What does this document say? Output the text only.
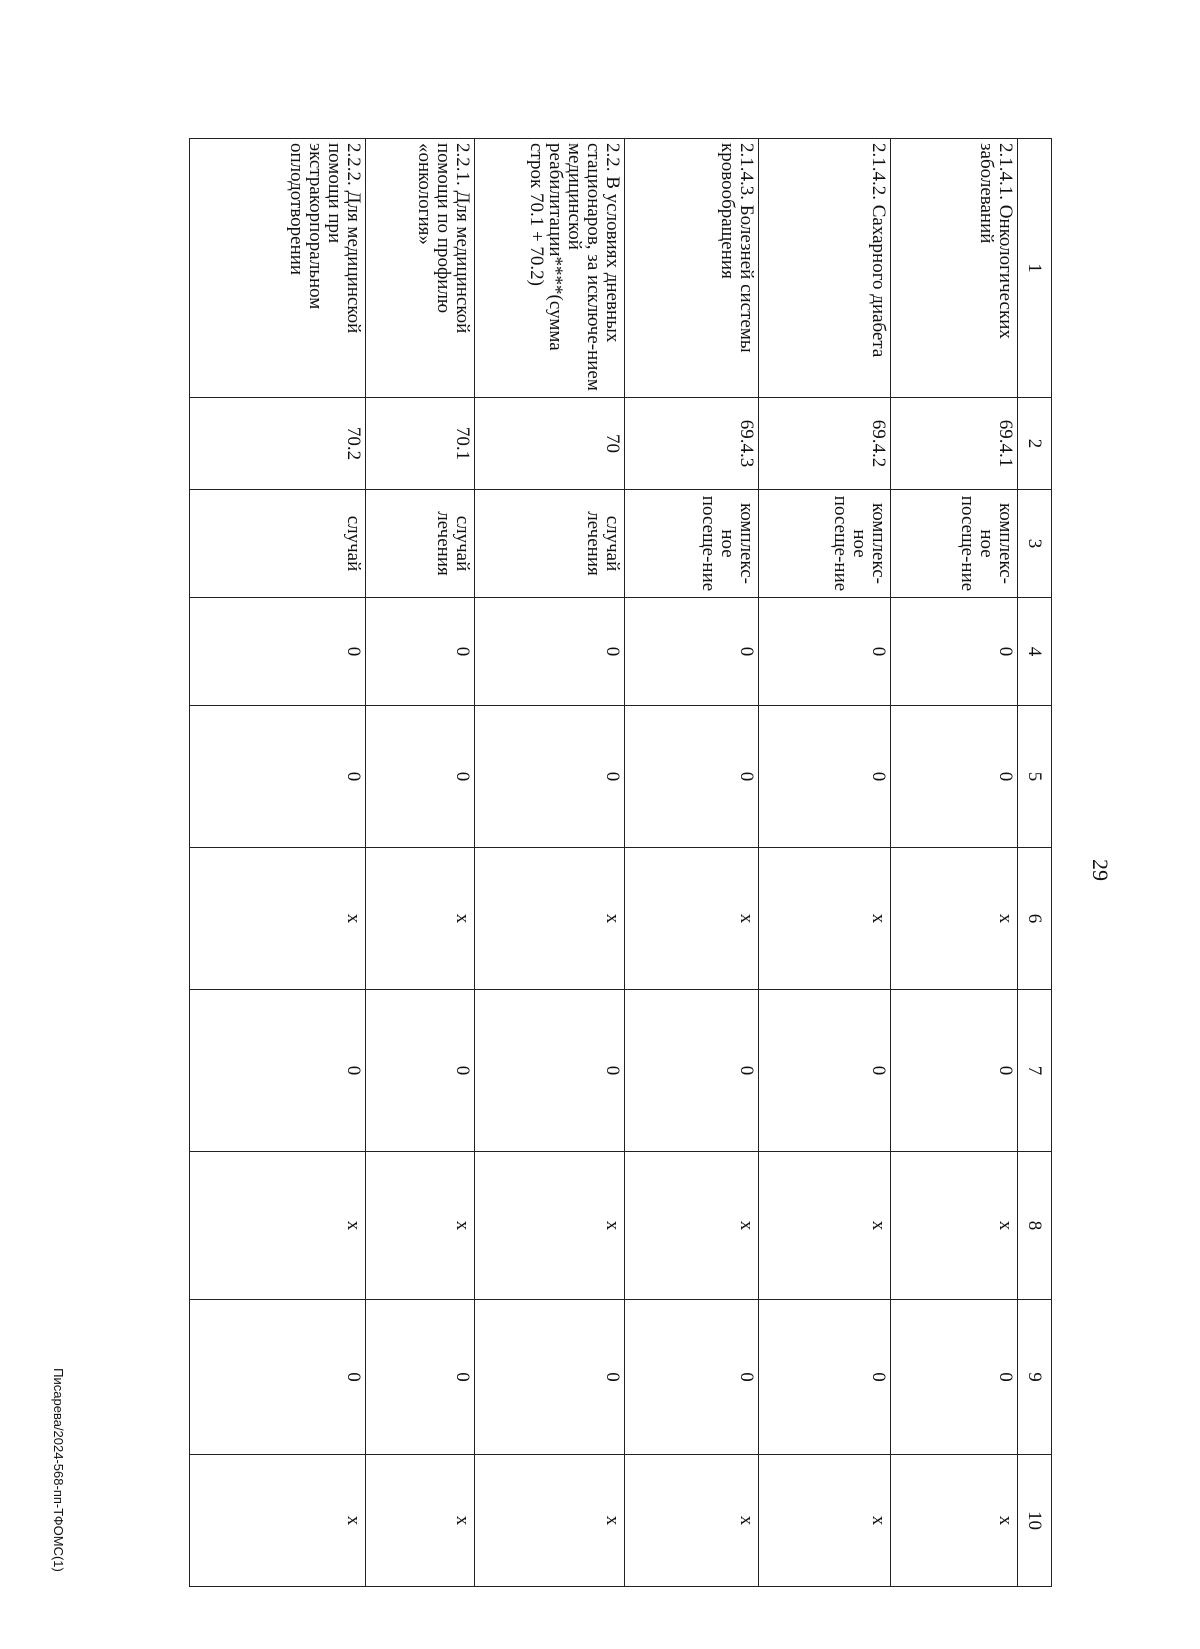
29
Писарева/2024-568-пп-ТФОМС(1)
1	2	3	4	5	6	7	8	9	10
2.1.4.1. Онкологических заболеваний	69.4.1	комплекс-ное посеще-ние	0	0	х	0	х	0	х
2.1.4.2. Сахарного диабета	69.4.2	комплекс-ное посеще-ние	0	0	х	0	х	0	х
2.1.4.3. Болезней системы кровообращения	69.4.3	комплекс-ное посеще-ние	0	0	х	0	х	0	х
2.2. В условиях дневных стационаров, за исключе-нием медицинской реабилитации****(сумма строк 70.1 + 70.2)	70	случай лечения	0	0	х	0	х	0	х
2.2.1. Для медицинской помощи по профилю «онкология»	70.1	случай лечения	0	0	х	0	х	0	х
2.2.2. Для медицинской помощи при экстракорпоральном оплодотворении	70.2	случай	0	0	х	0	х	0	х
